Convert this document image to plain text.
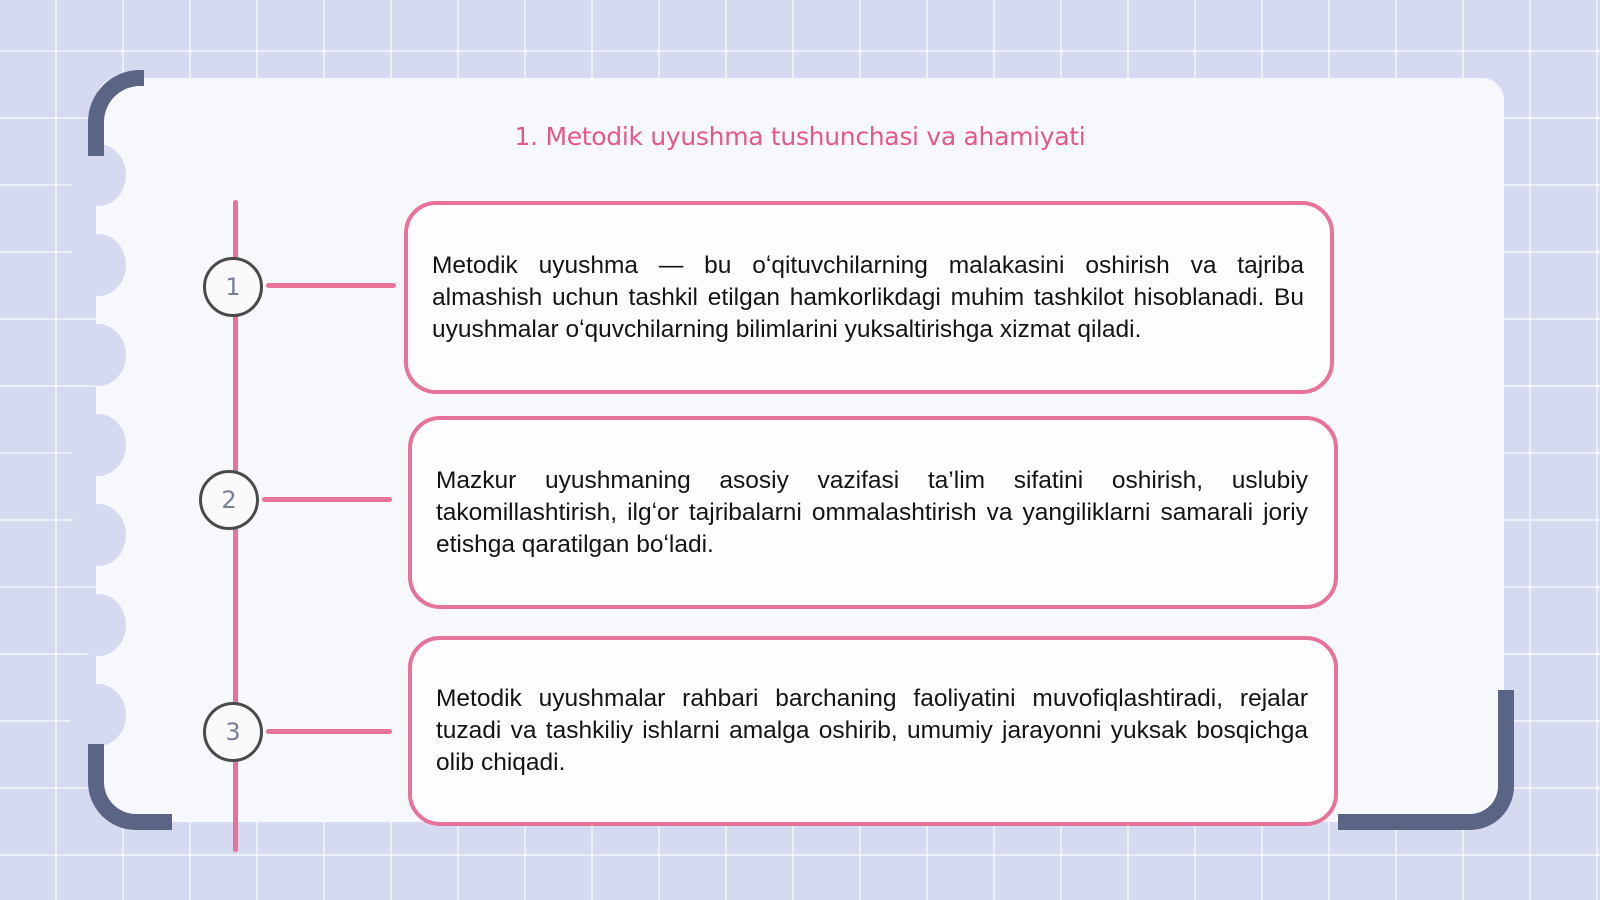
1. Metodik uyushma tushunchasi va ahamiyati
1
2
3

Metodik uyushma — bu oʻqituvchilarning malakasini oshirish va tajriba almashish uchun tashkil etilgan hamkorlikdagi muhim tashkilot hisoblanadi. Bu uyushmalar oʻquvchilarning bilimlarini yuksaltirishga xizmat qiladi.

Mazkur uyushmaning asosiy vazifasi ta’lim sifatini oshirish, uslubiy takomillashtirish, ilgʻor tajribalarni ommalashtirish va yangiliklarni samarali joriy etishga qaratilgan boʻladi.

Metodik uyushmalar rahbari barchaning faoliyatini muvofiqlashtiradi, rejalar tuzadi va tashkiliy ishlarni amalga oshirib, umumiy jarayonni yuksak bosqichga olib chiqadi.
